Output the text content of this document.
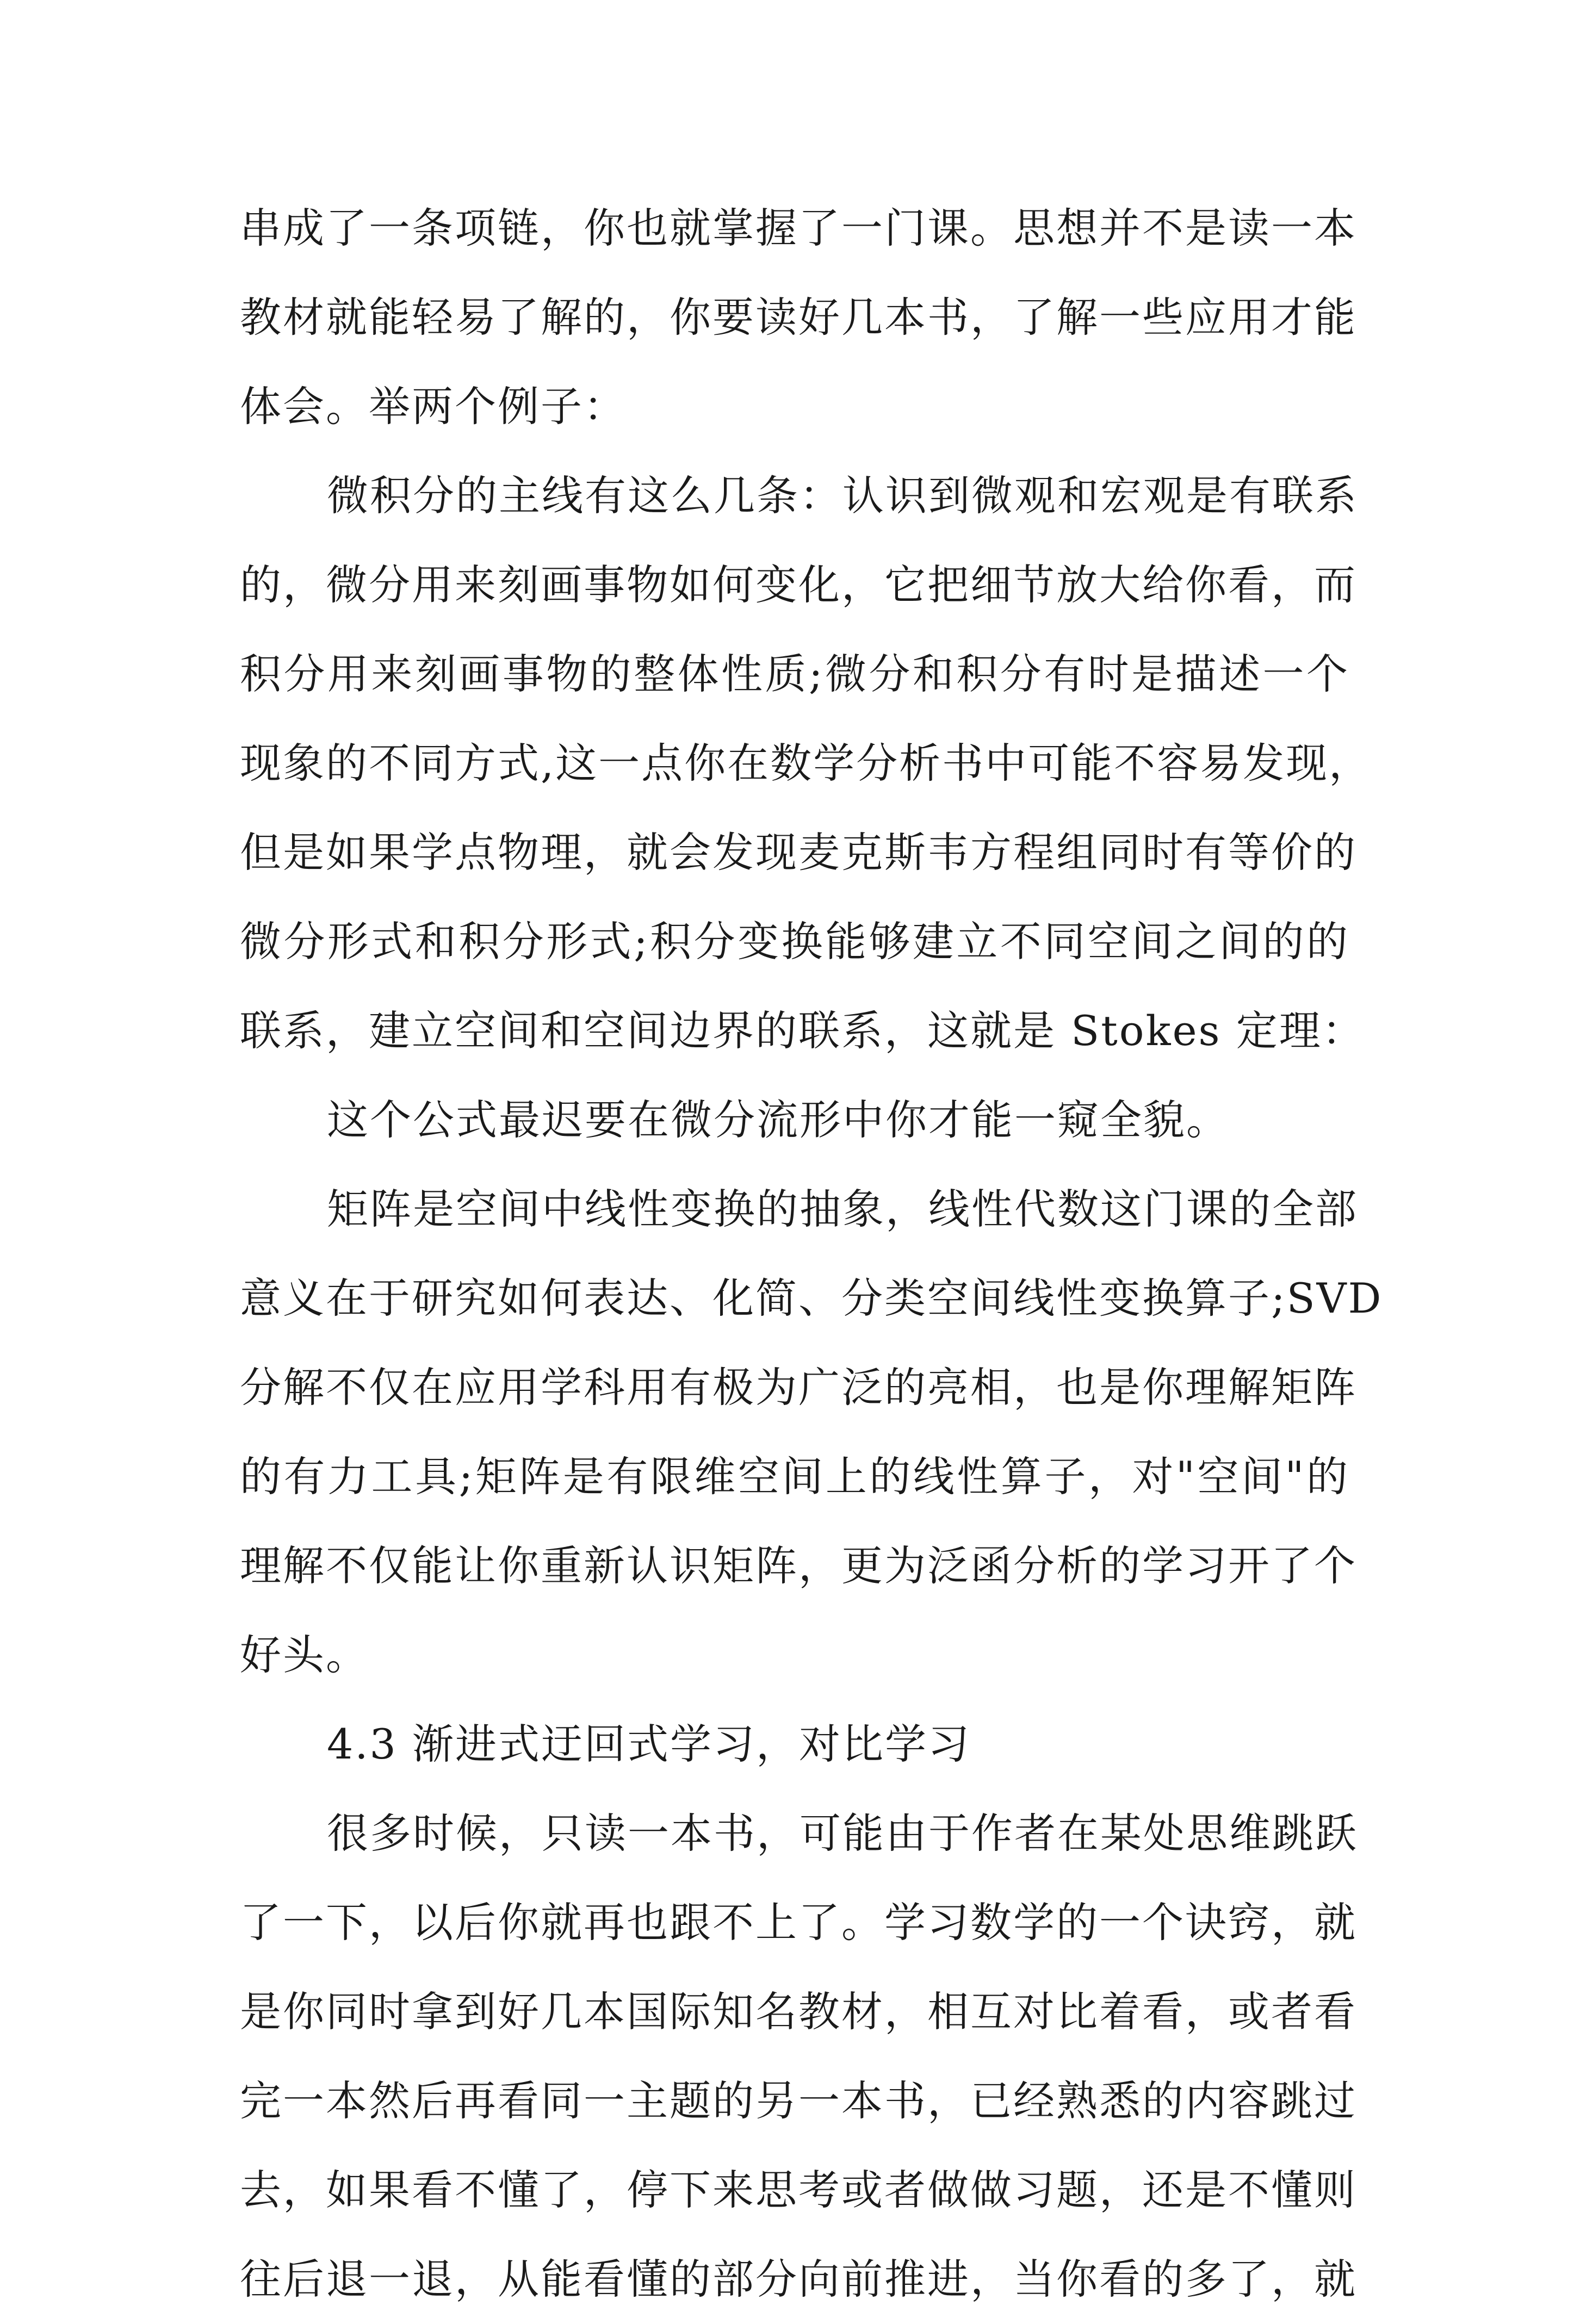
串成了一条项链，你也就掌握了一门课。思想并不是读一本
教材就能轻易了解的，你要读好几本书，了解一些应用才能
体会。举两个例子：
微积分的主线有这么几条：认识到微观和宏观是有联系
的，微分用来刻画事物如何变化，它把细节放大给你看，而
积分用来刻画事物的整体性质;微分和积分有时是描述一个
现象的不同方式,这一点你在数学分析书中可能不容易发现，
但是如果学点物理，就会发现麦克斯韦方程组同时有等价的
微分形式和积分形式;积分变换能够建立不同空间之间的的
联系，建立空间和空间边界的联系，这就是 Stokes 定理：
这个公式最迟要在微分流形中你才能一窥全貌。
矩阵是空间中线性变换的抽象，线性代数这门课的全部
意义在于研究如何表达、化简、分类空间线性变换算子;SVD
分解不仅在应用学科用有极为广泛的亮相，也是你理解矩阵
的有力工具;矩阵是有限维空间上的线性算子，对"空间"的
理解不仅能让你重新认识矩阵，更为泛函分析的学习开了个
好头。
4.3 渐进式迂回式学习，对比学习
很多时候，只读一本书，可能由于作者在某处思维跳跃
了一下，以后你就再也跟不上了。学习数学的一个诀窍，就
是你同时拿到好几本国际知名教材，相互对比着看，或者看
完一本然后再看同一主题的另一本书，已经熟悉的内容跳过
去，如果看不懂了，停下来思考或者做做习题，还是不懂则
往后退一退，从能看懂的部分向前推进，当你看的多了，就
